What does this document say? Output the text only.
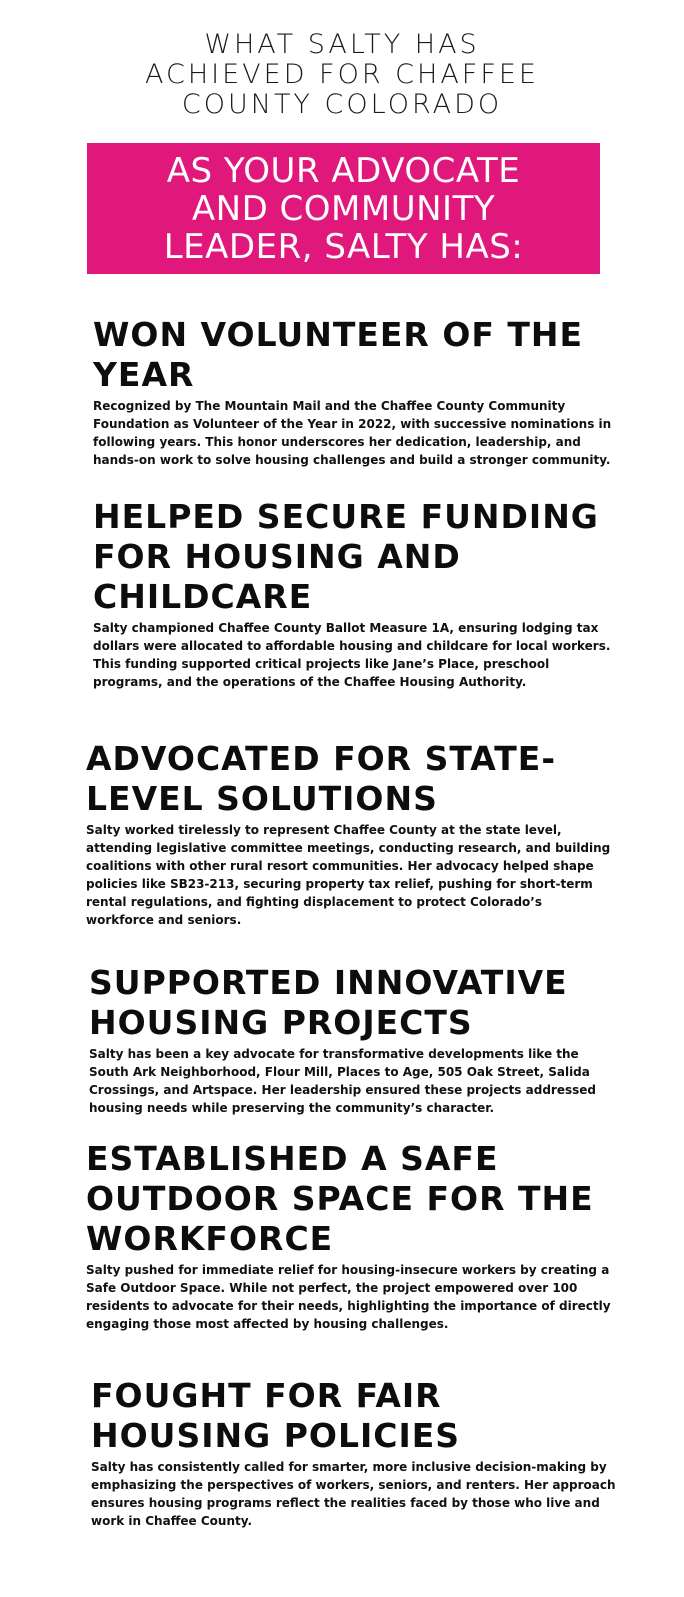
WHAT SALTY HAS
ACHIEVED FOR CHAFFEE
COUNTY COLORADO

AS YOUR ADVOCATE
AND COMMUNITY
LEADER, SALTY HAS:

WON VOLUNTEER OF THE
YEAR

Recognized by The Mountain Mail and the Chaffee County Community
Foundation as Volunteer of the Year in 2022, with successive nominations in
following years. This honor underscores her dedication, leadership, and
hands-on work to solve housing challenges and build a stronger community.

HELPED SECURE FUNDING
FOR HOUSING AND
CHILDCARE

Salty championed Chaffee County Ballot Measure 1A, ensuring lodging tax
dollars were allocated to affordable housing and childcare for local workers.
This funding supported critical projects like Jane’s Place, preschool
programs, and the operations of the Chaffee Housing Authority.

ADVOCATED FOR STATE-
LEVEL SOLUTIONS

Salty worked tirelessly to represent Chaffee County at the state level,
attending legislative committee meetings, conducting research, and building
coalitions with other rural resort communities. Her advocacy helped shape
policies like SB23-213, securing property tax relief, pushing for short-term
rental regulations, and fighting displacement to protect Colorado’s
workforce and seniors.

SUPPORTED INNOVATIVE
HOUSING PROJECTS

Salty has been a key advocate for transformative developments like the
South Ark Neighborhood, Flour Mill, Places to Age, 505 Oak Street, Salida
Crossings, and Artspace. Her leadership ensured these projects addressed
housing needs while preserving the community’s character.

ESTABLISHED A SAFE
OUTDOOR SPACE FOR THE
WORKFORCE

Salty pushed for immediate relief for housing-insecure workers by creating a
Safe Outdoor Space. While not perfect, the project empowered over 100
residents to advocate for their needs, highlighting the importance of directly
engaging those most affected by housing challenges.

FOUGHT FOR FAIR
HOUSING POLICIES

Salty has consistently called for smarter, more inclusive decision-making by
emphasizing the perspectives of workers, seniors, and renters. Her approach
ensures housing programs reflect the realities faced by those who live and
work in Chaffee County.
